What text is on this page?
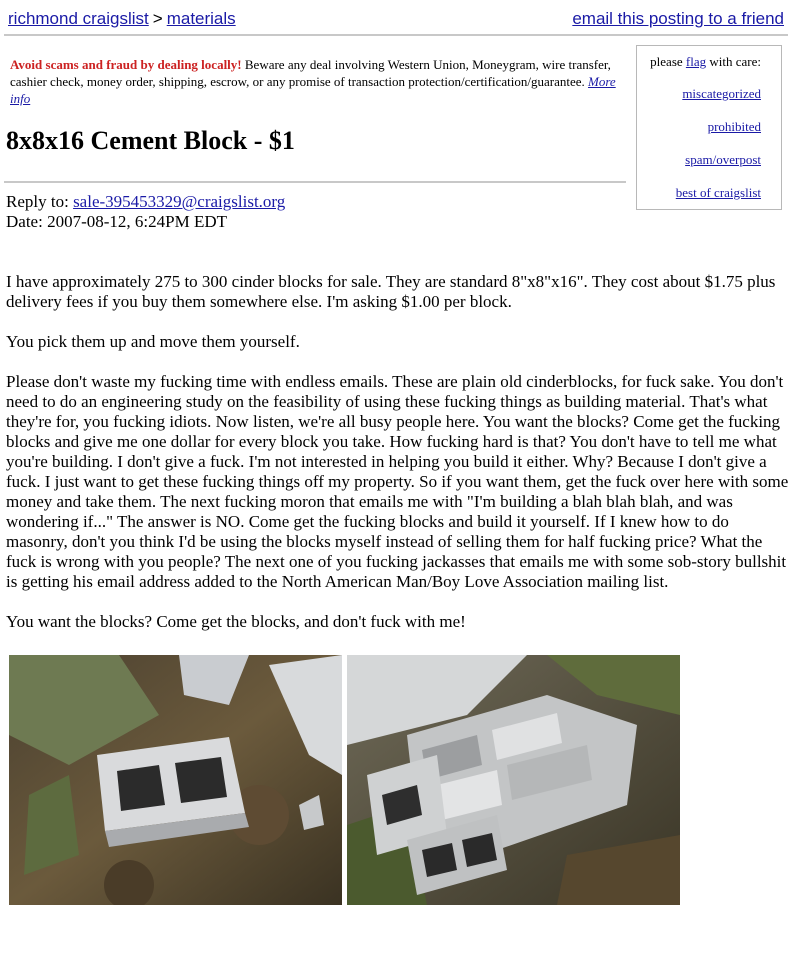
richmond craigslist > materials	email this posting to a friend
Avoid scams and fraud by dealing locally! Beware any deal involving Western Union, Moneygram, wire transfer, cashier check, money order, shipping, escrow, or any promise of transaction protection/certification/guarantee. More info
please flag with care:
miscategorized
prohibited
spam/overpost
best of craigslist
8x8x16 Cement Block - $1
Reply to: sale-395453329@craigslist.org
Date: 2007-08-12, 6:24PM EDT

I have approximately 275 to 300 cinder blocks for sale. They are standard 8"x8"x16". They cost about $1.75 plus delivery fees if you buy them somewhere else. I'm asking $1.00 per block.

You pick them up and move them yourself.

Please don't waste my fucking time with endless emails. These are plain old cinderblocks, for fuck sake. You don't need to do an engineering study on the feasibility of using these fucking things as building material. That's what they're for, you fucking idiots. Now listen, we're all busy people here. You want the blocks? Come get the fucking blocks and give me one dollar for every block you take. How fucking hard is that? You don't have to tell me what you're building. I don't give a fuck. I'm not interested in helping you build it either. Why? Because I don't give a fuck. I just want to get these fucking things off my property. So if you want them, get the fuck over here with some money and take them. The next fucking moron that emails me with "I'm building a blah blah blah, and was wondering if..." The answer is NO. Come get the fucking blocks and build it yourself. If I knew how to do masonry, don't you think I'd be using the blocks myself instead of selling them for half fucking price? What the fuck is wrong with you people? The next one of you fucking jackasses that emails me with some sob-story bullshit is getting his email address added to the North American Man/Boy Love Association mailing list.

You want the blocks? Come get the blocks, and don't fuck with me!
